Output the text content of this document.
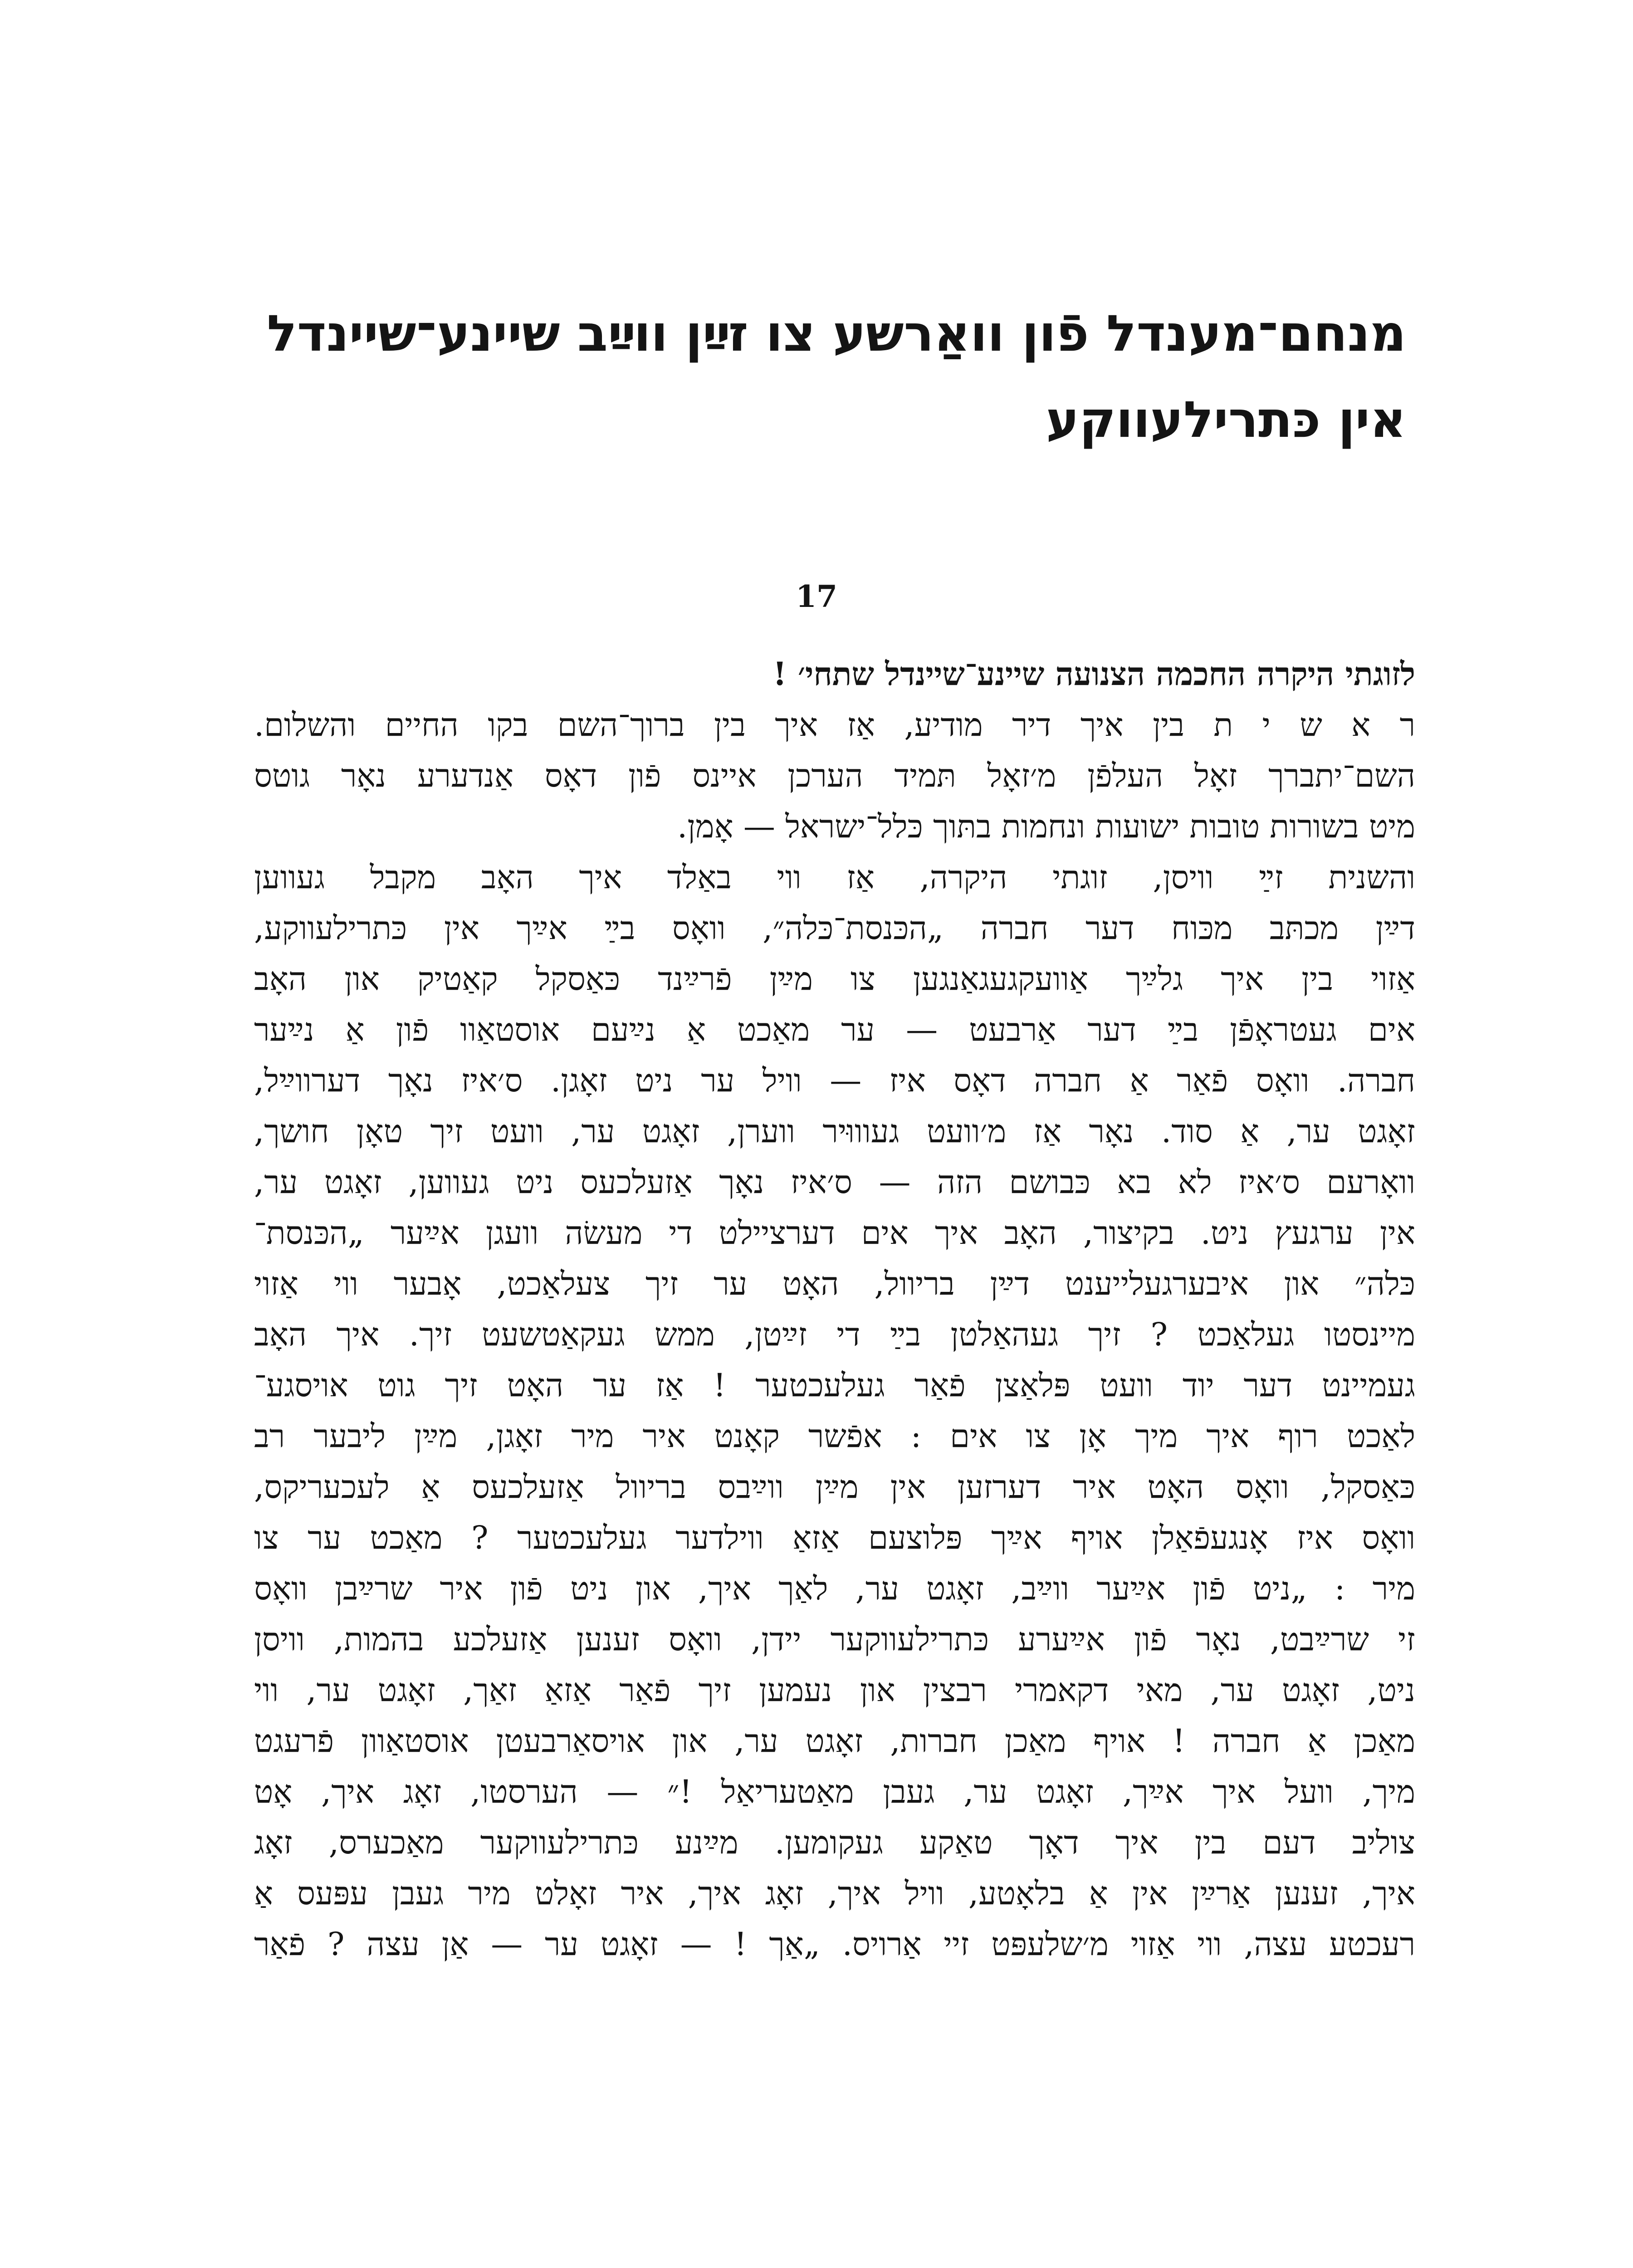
מנחם־מענדל פֿון וואַרשע צו זײַן ווײַב שיינע־שיינדל
אין כּתרילעווקע
17
לזוגתי היקרה החכמה הצנועה שיינע־שיינדל שתחי׳ !
ר א ש י ת בין איך דיר מודיע, אַז איך בין ברוך־השם בקו החיים והשלום.
השם־יתברך זאָל העלפֿן מ׳זאָל תּמיד הערכן איינס פֿון דאָס אַנדערע נאָר גוטס
מיט בשורות טובות ישועות ונחמות בתּוך כּלל־ישראל — אָמן.
והשנית זײַ וויסן, זוגתי היקרה, אַז ווי באַלד איך האָב מקבל געווען
דײַן מכתּב מכּוח דער חברה „הכּנסת־כּלה״, וואָס בײַ אײַך אין כּתרילעווקע,
אַזוי בין איך גלײַך אַוועקגעגאַנגען צו מײַן פֿרײַנד כּאַסקל קאַטיק און האָב
אים געטראָפֿן בײַ דער אַרבעט — ער מאַכט אַ נײַעם אוסטאַוו פֿון אַ נײַער
חברה. וואָס פֿאַר אַ חברה דאָס איז — וויל ער ניט זאָגן. ס׳איז נאָך דערווײַל,
זאָגט ער, אַ סוד. נאָר אַז מ׳וועט געוווּיר ווערן, זאָגט ער, וועט זיך טאָן חושך,
וואָרעם ס׳איז לא בא כּבושם הזה — ס׳איז נאָך אַזעלכעס ניט געווען, זאָגט ער,
אין ערגעץ ניט. בקיצור, האָב איך אים דערציילט די מעשׂה וועגן אײַער „הכּנסת־
כּלה״ און איבערגעלייענט דײַן בריוול, האָט ער זיך צעלאַכט, אָבער ווי אַזוי
מיינסטו געלאַכט ? זיך געהאַלטן בײַ די זײַטן, ממש געקאַטשעט זיך. איך האָב
געמיינט דער יוד וועט פּלאַצן פֿאַר געלעכטער ! אַז ער האָט זיך גוט אויסגע־
לאַכט רוף איך מיך אָן צו אים : אפֿשר קאָנט איר מיר זאָגן, מײַן ליבער רב
כּאַסקל, וואָס האָט איר דערזען אין מײַן ווײַבס בריוול אַזעלכעס אַ לעכעריקס,
וואָס איז אָנגעפֿאַלן אויף אײַך פּלוצעם אַזאַ ווילדער געלעכטער ? מאַכט ער צו
מיר : „ניט פֿון אײַער ווײַב, זאָגט ער, לאַך איך, און ניט פֿון איר שרײַבן וואָס
זי שרײַבט, נאָר פֿון אײַערע כּתרילעווקער יידן, וואָס זענען אַזעלכע בהמות, וויסן
ניט, זאָגט ער, מאי דקאמרי רבצין און נעמען זיך פֿאַר אַזאַ זאַך, זאָגט ער, ווי
מאַכן אַ חברה ! אויף מאַכן חברות, זאָגט ער, און אויסאַרבעטן אוסטאַוון פֿרעגט
מיך, וועל איך אײַך, זאָגט ער, געבן מאַטעריאַל !״ — הערסטו, זאָג איך, אָט
צוליב דעם בין איך דאָך טאַקע געקומען. מײַנע כּתרילעווקער מאַכערס, זאָג
איך, זענען אַרײַן אין אַ בלאָטע, וויל איך, זאָג איך, איר זאָלט מיר געבן עפּעס אַ
רעכטע עצה, ווי אַזוי מ׳שלעפּט זיי אַרויס. „אַך ! — זאָגט ער — אַן עצה ? פֿאַר
